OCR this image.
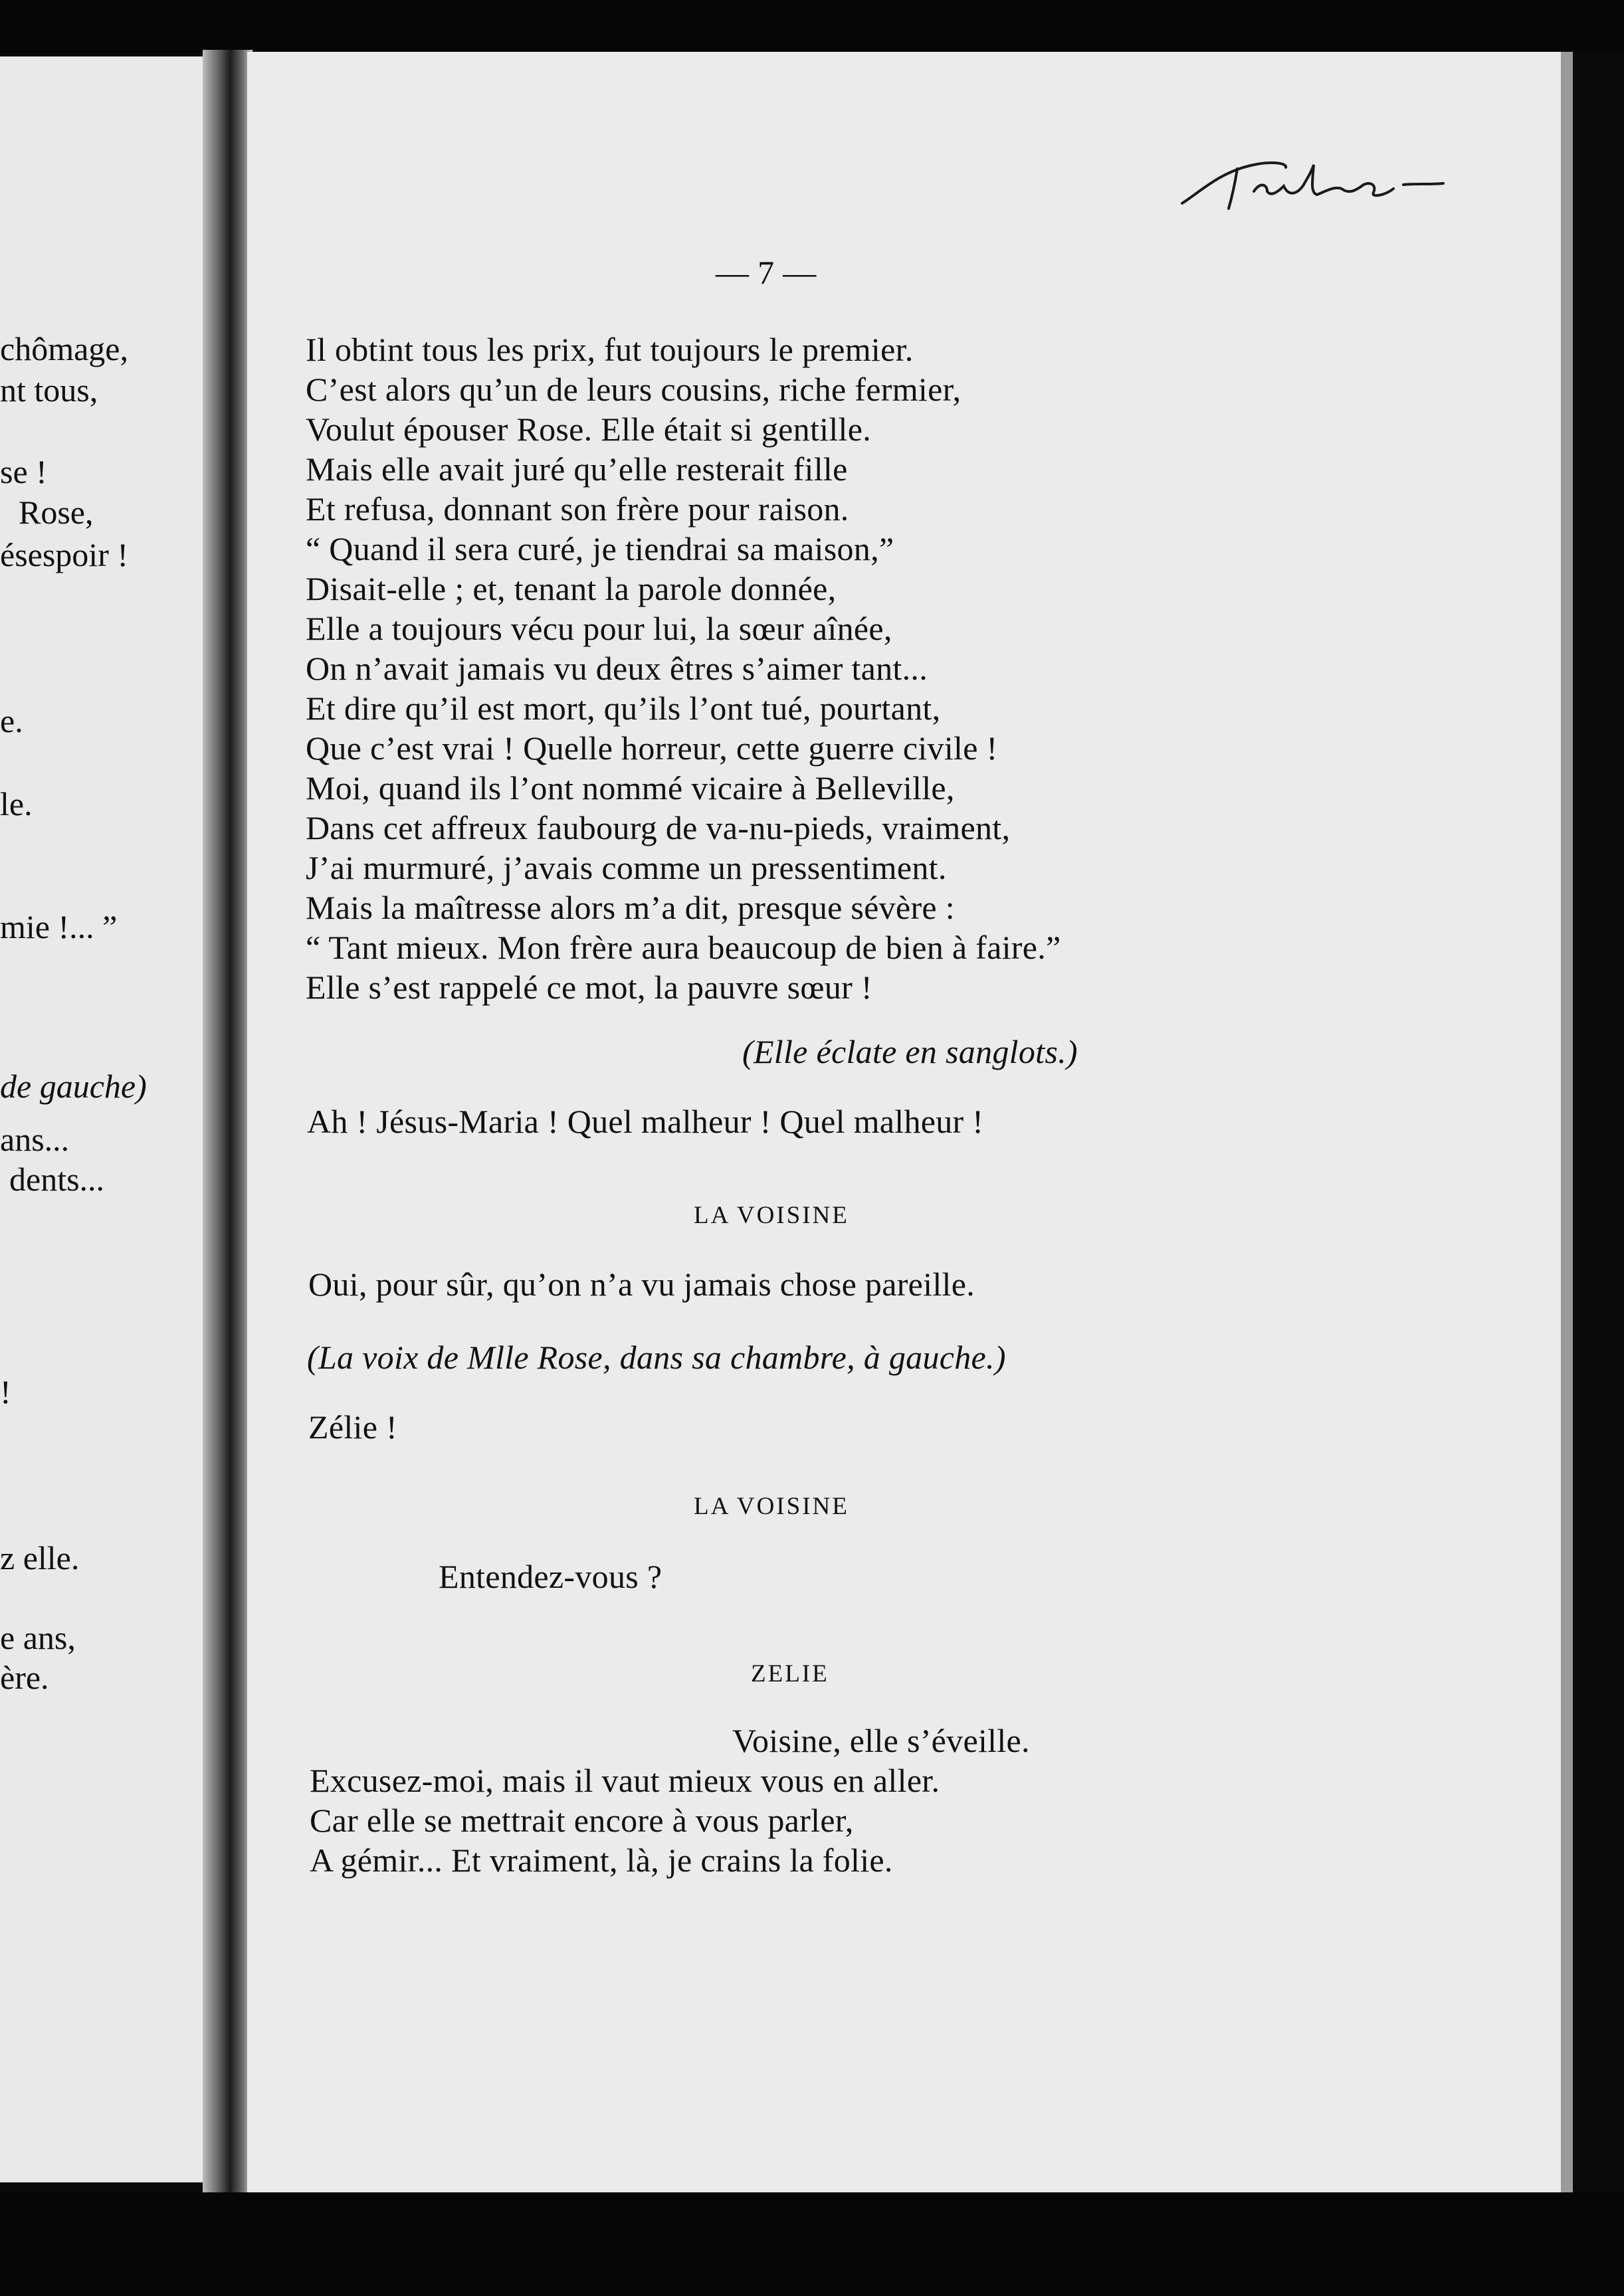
chômage,
nt tous,
se !
Rose,
ésespoir !
e.
le.
mie !... ”
de gauche)
ans...
dents...
!
z elle.
e ans,
ère.
— 7 —
Il obtint tous les prix, fut toujours le premier.
C’est alors qu’un de leurs cousins, riche fermier,
Voulut épouser Rose. Elle était si gentille.
Mais elle avait juré qu’elle resterait fille
Et refusa, donnant son frère pour raison.
“ Quand il sera curé, je tiendrai sa maison,”
Disait-elle ; et, tenant la parole donnée,
Elle a toujours vécu pour lui, la sœur aînée,
On n’avait jamais vu deux êtres s’aimer tant...
Et dire qu’il est mort, qu’ils l’ont tué, pourtant,
Que c’est vrai ! Quelle horreur, cette guerre civile !
Moi, quand ils l’ont nommé vicaire à Belleville,
Dans cet affreux faubourg de va-nu-pieds, vraiment,
J’ai murmuré, j’avais comme un pressentiment.
Mais la maîtresse alors m’a dit, presque sévère :
“ Tant mieux. Mon frère aura beaucoup de bien à faire.”
Elle s’est rappelé ce mot, la pauvre sœur !
(Elle éclate en sanglots.)
Ah ! Jésus-Maria ! Quel malheur ! Quel malheur !
LA VOISINE
Oui, pour sûr, qu’on n’a vu jamais chose pareille.
(La voix de Mlle Rose, dans sa chambre, à gauche.)
Zélie !
LA VOISINE
Entendez-vous ?
ZELIE
Voisine, elle s’éveille.
Excusez-moi, mais il vaut mieux vous en aller.
Car elle se mettrait encore à vous parler,
A gémir... Et vraiment, là, je crains la folie.
